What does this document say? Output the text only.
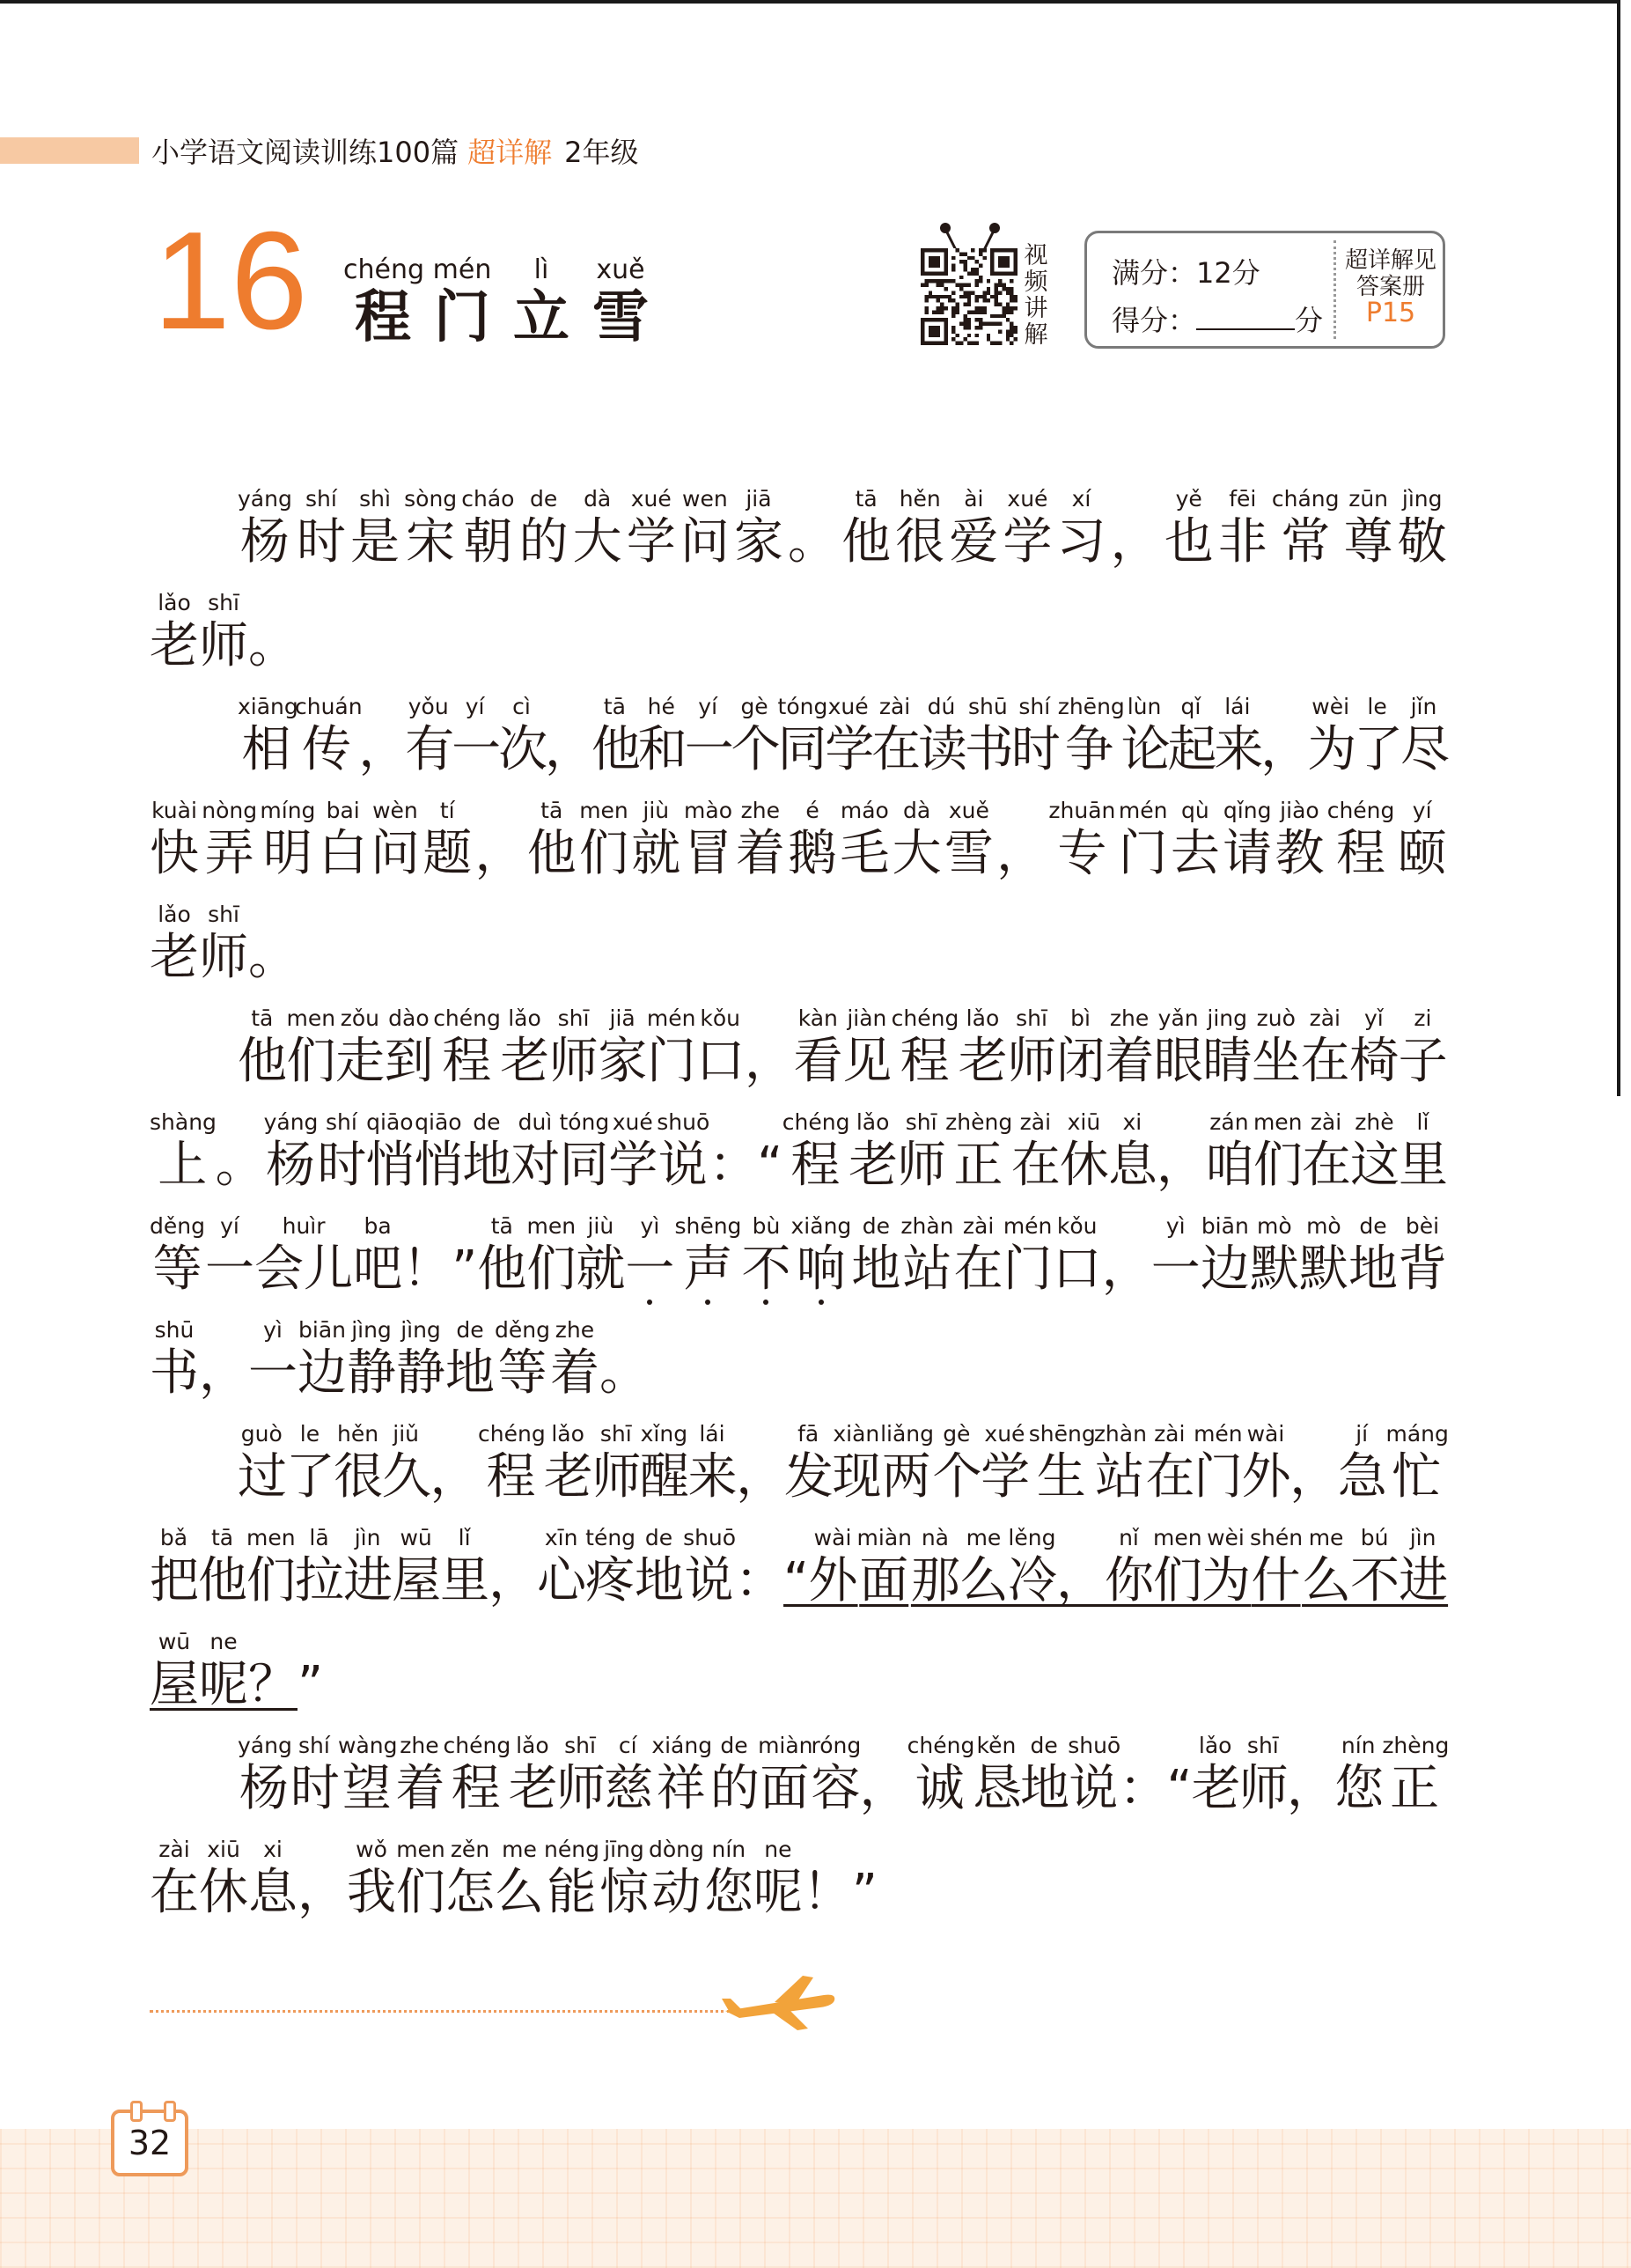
小学语文阅读训练100篇 超详解 2年级
16 chéng
程
mén
门
lì
立
xuě
雪
视
频
讲
解
满分：12分
得分：	分
超详解见
答案册
P15
yáng
杨
shí
时
shì
是
sòng
宋
cháo
朝
de
的
dà
大
xué
学
wen
问
jiā
家 。
tā
他
hěn
很
ài
爱
xué
学
xí
习 ，
yě
也
fēi
非
cháng
常
zūn
尊
jìng
敬
lǎo
老
shī
师 。
xiāng
相
chuán
传 ，
yǒu
有
yí
一
cì
次
，
tā
他
hé
和
yí
一
gè
个
tóng
同
xué
学
zài
在
dú
读
shū
书
shí
时
zhēng
争
lùn
论
qǐ
起
lái
来
，
wèi
为
le
了
jǐn
尽
kuài
快
nòng
弄
míng
明
bai
白
wèn
问
tí
题 ，
tā
他
men
们
jiù
就
mào
冒
zhe
着
é
鹅
máo
毛
dà
大
xuě
雪 ，
zhuān
专
mén
门
qù
去
qǐng
请
jiào
教
chéng
程
yí
颐
lǎo
老
shī
师 。
tā
他
men
们
zǒu
走
dào
到
chéng
程
lǎo
老
shī
师
jiā
家
mén
门
kǒu
口 ，
kàn
看
jiàn
见
chéng
程
lǎo
老
shī
师
bì
闭
zhe
着
yǎn
眼
jing
睛
zuò
坐
zài
在
yǐ
椅
zi
子
shàng
上 。
yáng
杨
shí
时
qiāo
悄
qiāo
悄
de
地
duì
对
tóng
同
xué
学
shuō
说 ： “
chéng
程
lǎo
老
shī
师
zhèng
正
zài
在
xiū
休
xi
息 ，
zán
咱
men
们
zài
在
zhè
这
lǐ
里
děng
等
yí
一
huìr
会儿
ba
吧 ！ ”
tā
他
men
们
jiù
就
yì
一
shēng
声
bù
不
xiǎng
响
de
地
zhàn
站
zài
在
mén
门
kǒu
口 ，
yì
一
biān
边
mò
默
mò
默
de
地
bèi
背
shū
书 ，
yì
一
biān
边
jìng
静
jìng
静
de
地
děng
等
zhe
着 。
guò
过
le
了
hěn
很
jiǔ
久
，
chéng
程
lǎo
老
shī
师
xǐng
醒
lái
来
，
fā
发
xiàn
现
liǎng
两
gè
个
xué
学
shēng
生
zhàn
站
zài
在
mén
门
wài
外
，
jí
急
máng
忙
bǎ
把
tā
他
men
们
lā
拉
jìn
进
wū
屋
lǐ
里 ，
xīn
心
téng
疼
de
地
shuō
说 ： “
wài
外
miàn
面
nà
那
me
么
lěng
冷 ，
nǐ
你
men
们
wèi
为
shén
什
me
么
bú
不
jìn
进
wū
屋
ne
呢 ？ ”
yáng
杨
shí
时
wàng
望
zhe
着
chéng
程
lǎo
老
shī
师
cí
慈
xiáng
祥
de
的
miàn
面
róng
容
，
chéng
诚
kěn
恳
de
地
shuō
说 ：
“
lǎo
老
shī
师
，
nín
您
zhèng
正
zài
在
xiū
休
xi
息 ，
wǒ
我
men
们
zěn
怎
me
么
néng
能
jīng
惊
dòng
动
nín
您
ne
呢 ！ ”
32
